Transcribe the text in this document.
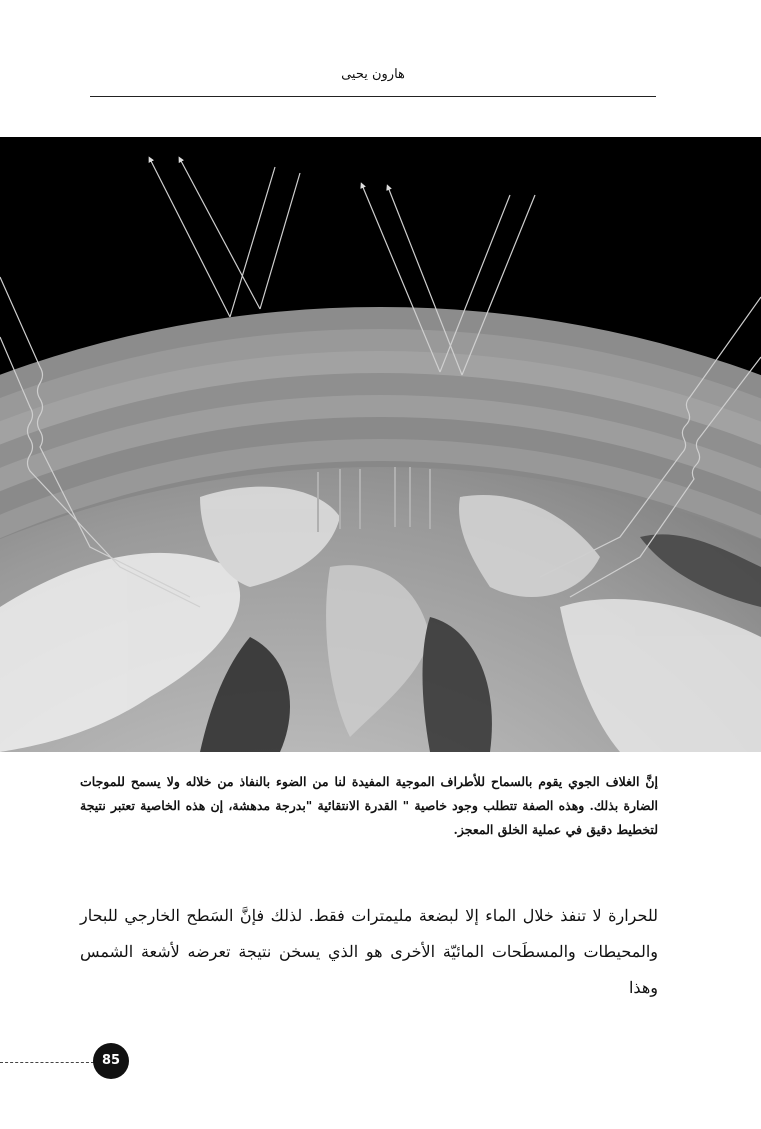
هارون يحيى

إنَّ الغلاف الجوي يقوم بالسماح للأطراف الموجية المفيدة لنا من الضوء بالنفاذ من خلاله ولا يسمح للموجات الضارة بذلك. وهذه الصفة تتطلب وجود خاصية " القدرة الانتقائية "بدرجة مدهشة، إن هذه الخاصية تعتبر نتيجة لتخطيط دقيق في عملية الخلق المعجز.

للحرارة لا تنفذ خلال الماء إلا لبضعة مليمترات فقط. لذلك فإنَّ السَطح الخارجي للبحار والمحيطات والمسطَحات المائيّة الأخرى هو الذي يسخن نتيجة تعرضه لأشعة الشمس وهذا

85
